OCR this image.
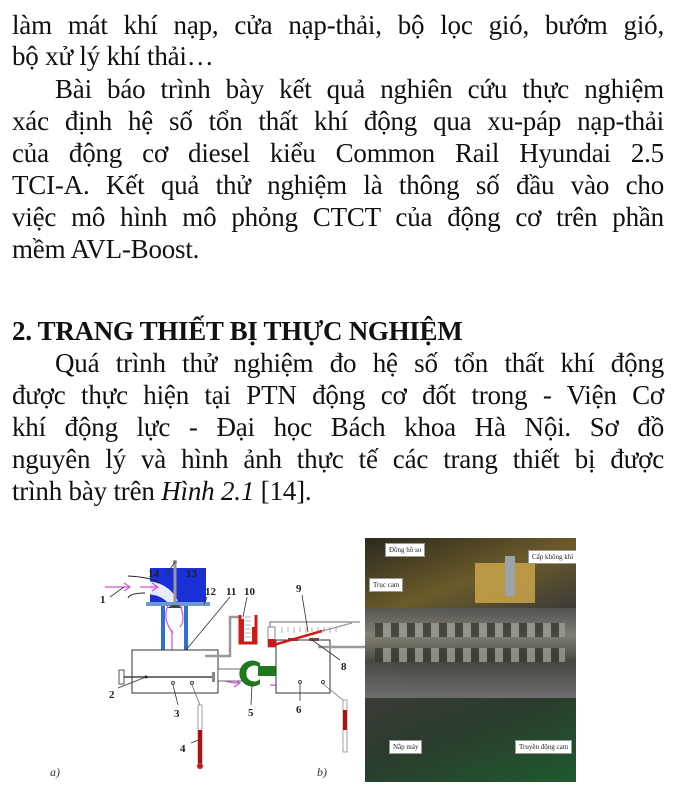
làm mát khí nạp, cửa nạp-thải, bộ lọc gió, bướm gió,
bộ xử lý khí thải…
Bài báo trình bày kết quả nghiên cứu thực nghiệm
xác định hệ số tổn thất khí động qua xu-páp nạp-thải
của động cơ diesel kiểu Common Rail Hyundai 2.5
TCI-A. Kết quả thử nghiệm là thông số đầu vào cho
việc mô hình mô phỏng CTCT của động cơ trên phần
mềm AVL-Boost.
2. TRANG THIẾT BỊ THỰC NGHIỆM
Quá trình thử nghiệm đo hệ số tổn thất khí động
được thực hiện tại PTN động cơ đốt trong - Viện Cơ
khí động lực - Đại học Bách khoa Hà Nội. Sơ đồ
nguyên lý và hình ảnh thực tế các trang thiết bị được
trình bày trên Hình 2.1 [14].
1
2
3
4
5	6
8
9
10
11
12
13
14
a)	b)
Đồng hồ so
Trục cam
Cấp không khí
Nắp máy	Truyền động cam
